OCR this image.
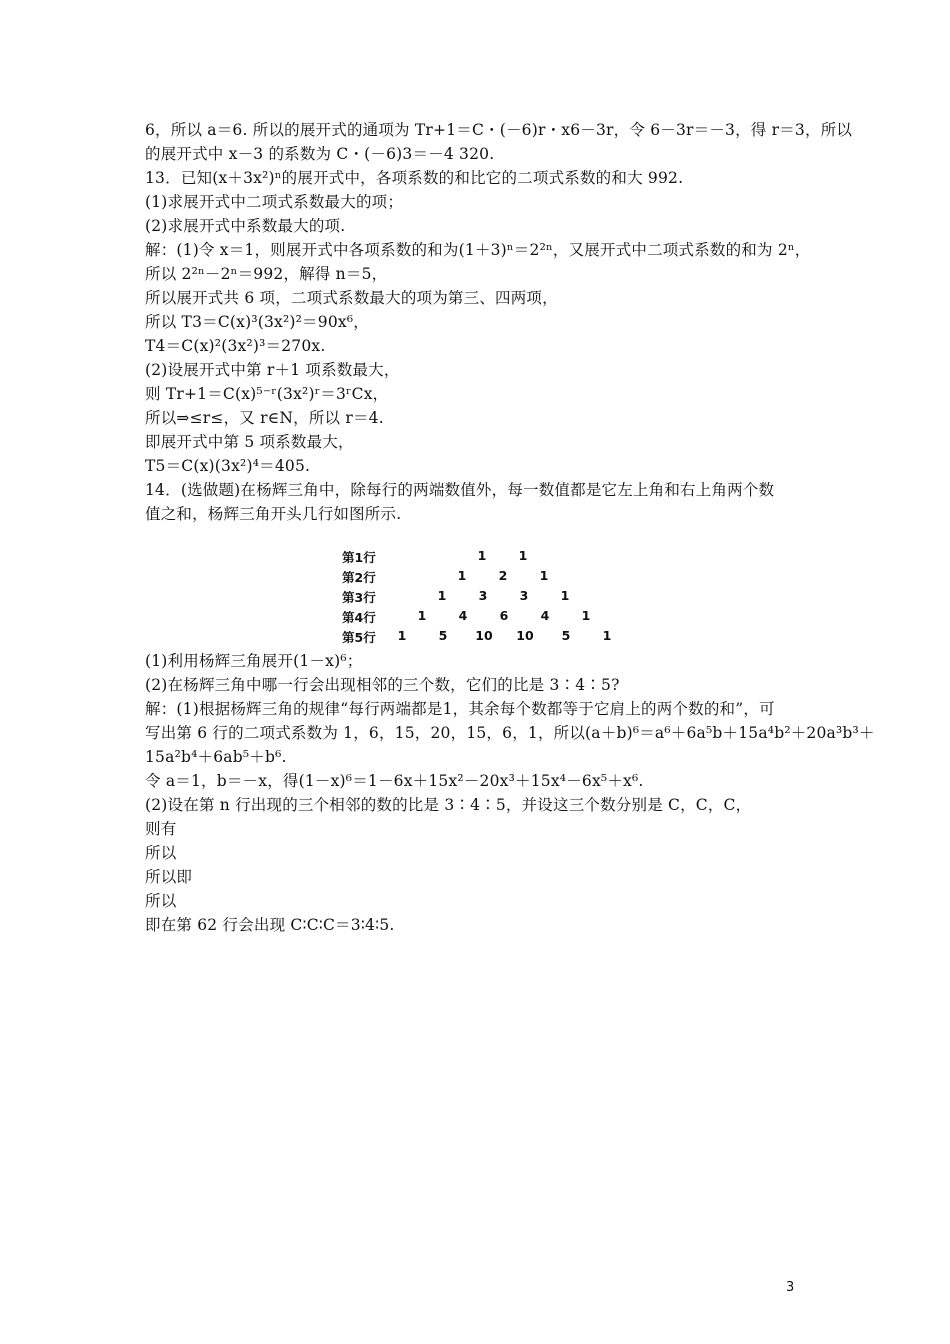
6，所以 a＝6. 所以的展开式的通项为 Tr+1＝C・(－6)r・x6－3r，令 6－3r＝－3，得 r＝3，所以
的展开式中 x－3 的系数为 C・(－6)3＝－4 320.
13．已知(x＋3x²)ⁿ的展开式中，各项系数的和比它的二项式系数的和大 992.
(1)求展开式中二项式系数最大的项；
(2)求展开式中系数最大的项.
解：(1)令 x＝1，则展开式中各项系数的和为(1＋3)ⁿ＝2²ⁿ，又展开式中二项式系数的和为 2ⁿ，
所以 2²ⁿ－2ⁿ＝992，解得 n＝5，
所以展开式共 6 项，二项式系数最大的项为第三、四两项，
所以 T3＝C(x)³(3x²)²＝90x⁶，
T4＝C(x)²(3x²)³＝270x.
(2)设展开式中第 r＋1 项系数最大，
则 Tr+1＝C(x)⁵⁻ʳ(3x²)ʳ＝3ʳCx，
所以⇒≤r≤，又 r∈N，所以 r＝4.
即展开式中第 5 项系数最大，
T5＝C(x)(3x²)⁴＝405.
14．(选做题)在杨辉三角中，除每行的两端数值外，每一数值都是它左上角和右上角两个数
值之和，杨辉三角开头几行如图所示.
(1)利用杨辉三角展开(1－x)⁶；
(2)在杨辉三角中哪一行会出现相邻的三个数，它们的比是 3∶4∶5?
解：(1)根据杨辉三角的规律“每行两端都是1，其余每个数都等于它肩上的两个数的和”，可
写出第 6 行的二项式系数为 1，6，15，20，15，6，1，所以(a＋b)⁶＝a⁶＋6a⁵b＋15a⁴b²＋20a³b³＋
15a²b⁴＋6ab⁵＋b⁶.
令 a＝1，b＝－x，得(1－x)⁶＝1－6x＋15x²－20x³＋15x⁴－6x⁵＋x⁶.
(2)设在第 n 行出现的三个相邻的数的比是 3∶4∶5，并设这三个数分别是 C，C，C，
则有
所以
所以即
所以
即在第 62 行会出现 C∶C∶C＝3∶4∶5.
第1行	1	1
第2行	1	2	1
第3行	1	3	3	1
第4行	1	4	6	4	1
第5行	1	5	10 10	5	1
3
